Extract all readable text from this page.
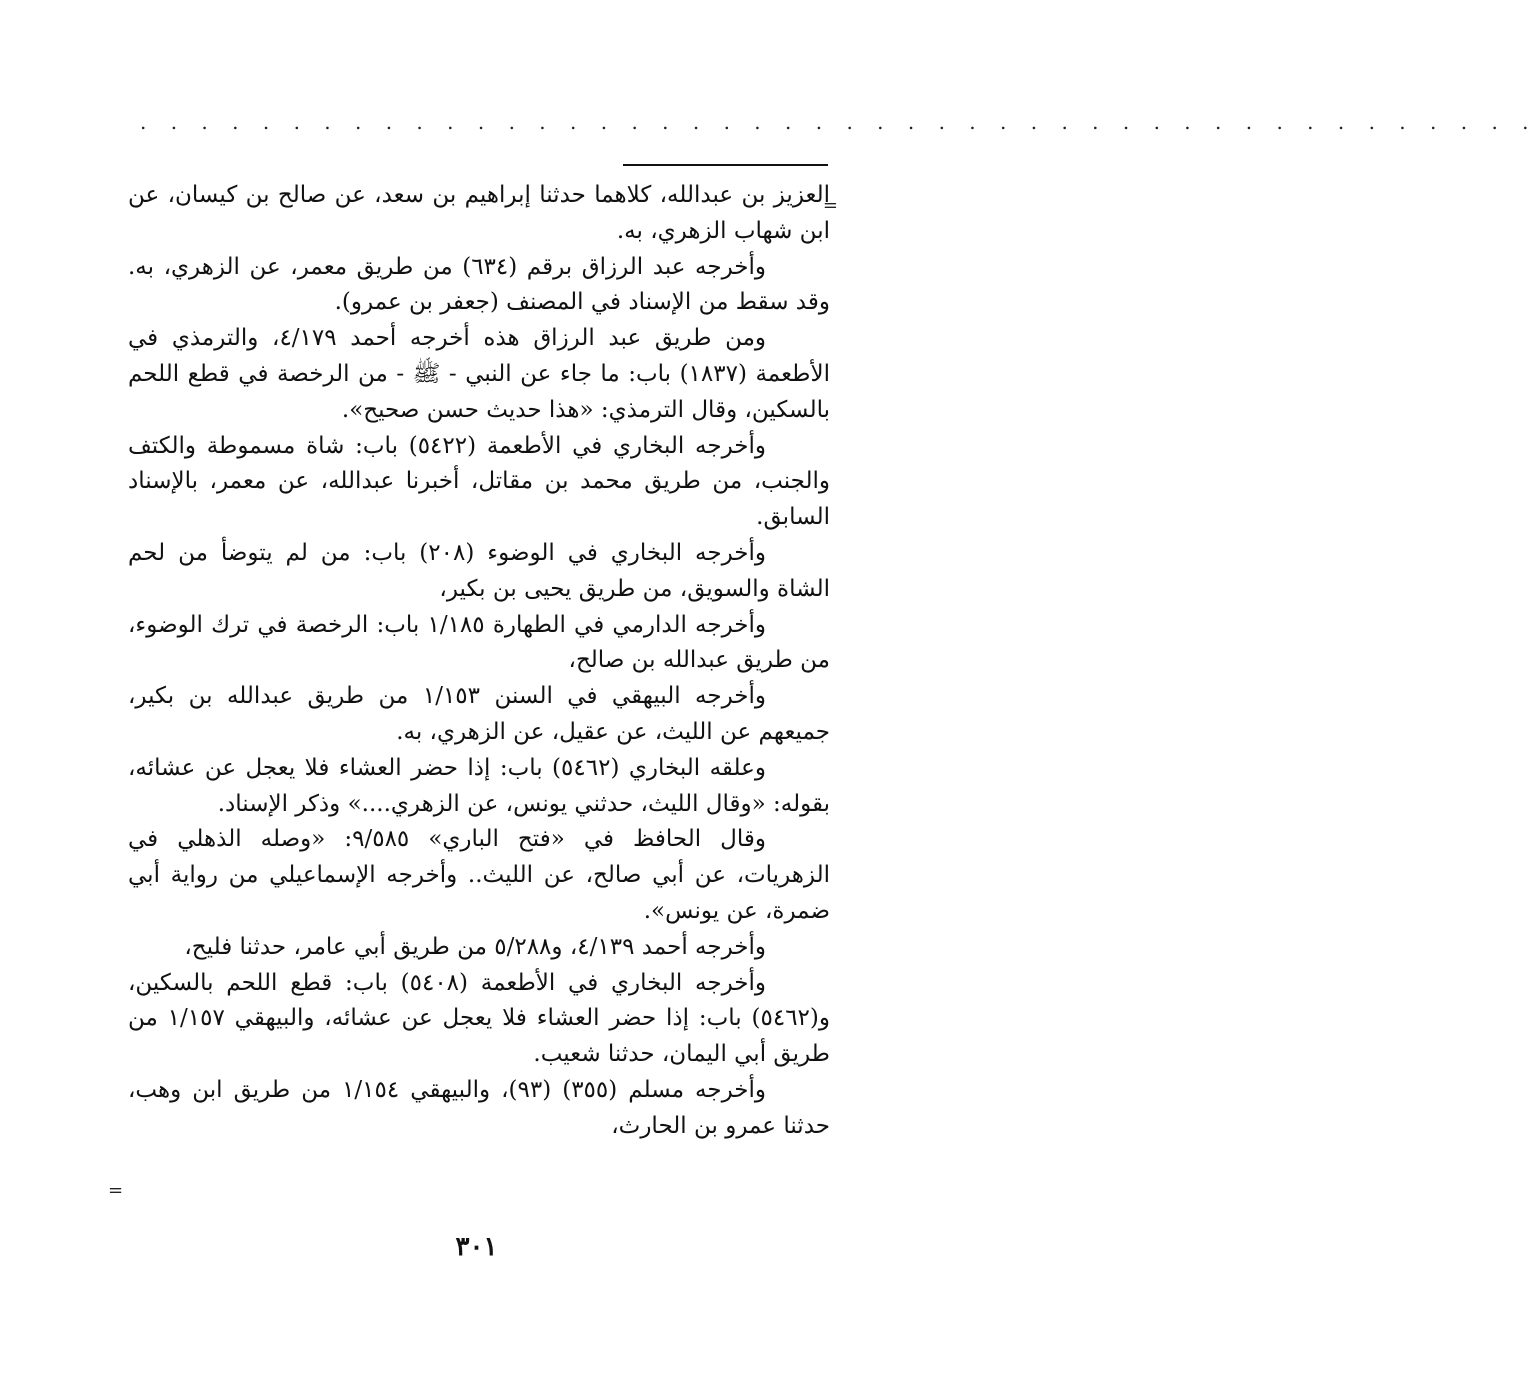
. . . . . . . . . . . . . . . . . . . . . . . . . . . . . . . . . . . . . . . . . . . . . .
=

العزيز بن عبدالله، كلاهما حدثنا إبراهيم بن سعد، عن صالح بن كيسان، عن ابن شهاب الزهري، به.

وأخرجه عبد الرزاق برقم (٦٣٤) من طريق معمر، عن الزهري، به. وقد سقط من الإسناد في المصنف (جعفر بن عمرو).

ومن طريق عبد الرزاق هذه أخرجه أحمد ٤/١٧٩، والترمذي في الأطعمة (١٨٣٧) باب: ما جاء عن النبي - ﷺ - من الرخصة في قطع اللحم بالسكين، وقال الترمذي: «هذا حديث حسن صحيح».

وأخرجه البخاري في الأطعمة (٥٤٢٢) باب: شاة مسموطة والكتف والجنب، من طريق محمد بن مقاتل، أخبرنا عبدالله، عن معمر، بالإسناد السابق.

وأخرجه البخاري في الوضوء (٢٠٨) باب: من لم يتوضأ من لحم الشاة والسويق، من طريق يحيى بن بكير،

وأخرجه الدارمي في الطهارة ١/١٨٥ باب: الرخصة في ترك الوضوء، من طريق عبدالله بن صالح،

وأخرجه البيهقي في السنن ١/١٥٣ من طريق عبدالله بن بكير، جميعهم عن الليث، عن عقيل، عن الزهري، به.

وعلقه البخاري (٥٤٦٢) باب: إذا حضر العشاء فلا يعجل عن عشائه، بقوله: «وقال الليث، حدثني يونس، عن الزهري....» وذكر الإسناد.

وقال الحافظ في «فتح الباري» ٩/٥٨٥: «وصله الذهلي في الزهريات، عن أبي صالح، عن الليث.. وأخرجه الإسماعيلي من رواية أبي ضمرة، عن يونس».

وأخرجه أحمد ٤/١٣٩، و٥/٢٨٨ من طريق أبي عامر، حدثنا فليح،

وأخرجه البخاري في الأطعمة (٥٤٠٨) باب: قطع اللحم بالسكين، و(٥٤٦٢) باب: إذا حضر العشاء فلا يعجل عن عشائه، والبيهقي ١/١٥٧ من طريق أبي اليمان، حدثنا شعيب.

وأخرجه مسلم (٣٥٥) (٩٣)، والبيهقي ١/١٥٤ من طريق ابن وهب، حدثنا عمرو بن الحارث،

=
٣٠١
